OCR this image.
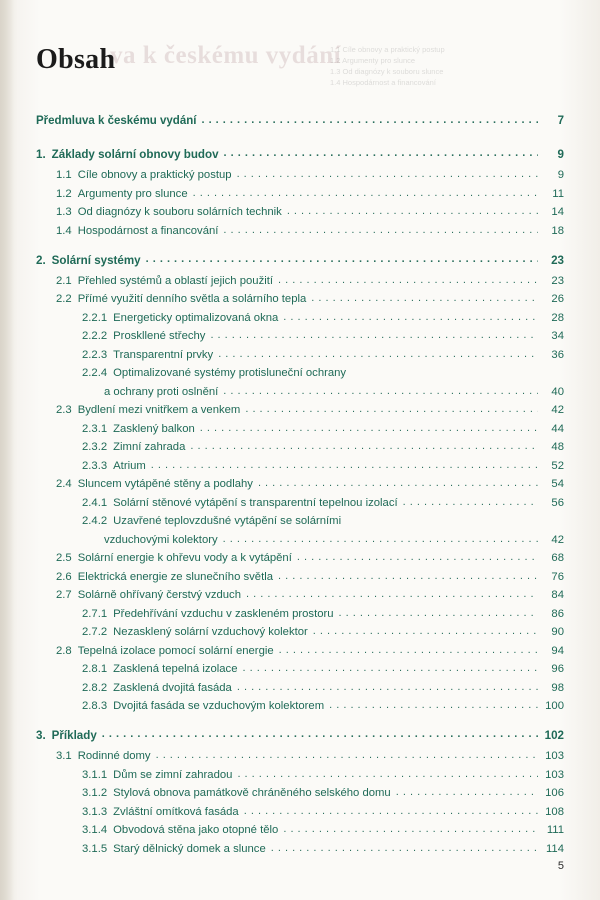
va k českému vydání
1.1 Cíle obnovy a praktický postup
1.2 Argumenty pro slunce
1.3 Od diagnózy k souboru slunce
1.4 Hospodárnost a financování
Obsah
Předmluva k českému vydání . . .	7
1. Základy solární obnovy budov . . .	9
1.1 Cíle obnovy a praktický postup . . .	9
1.2 Argumenty pro slunce . . .	11
1.3 Od diagnózy k souboru solárních technik . . .	14
1.4 Hospodárnost a financování . . .	18
2. Solární systémy . . .	23
2.1 Přehled systémů a oblastí jejich použití . . .	23
2.2 Přímé využití denního světla a solárního tepla . . .	26
2.2.1 Energeticky optimalizovaná okna . . .	28
2.2.2 Proskllené střechy . . .	34
2.2.3 Transparentní prvky . . .	36
2.2.4 Optimalizované systémy protisluneční ochrany
a ochrany proti oslnění . . .	40
2.3 Bydlení mezi vnitřkem a venkem . . .	42
2.3.1 Zasklený balkon . . .	44
2.3.2 Zimní zahrada . . .	48
2.3.3 Atrium . . .	52
2.4 Sluncem vytápěné stěny a podlahy . . .	54
2.4.1 Solární stěnové vytápění s transparentní tepelnou izolací . . .	56
2.4.2 Uzavřené teplovzdušné vytápění se solárními
vzduchovými kolektory . . .	42
2.5 Solární energie k ohřevu vody a k vytápění . . .	68
2.6 Elektrická energie ze slunečního světla . . .	76
2.7 Solárně ohřívaný čerstvý vzduch . . .	84
2.7.1 Předehřívání vzduchu v zaskleném prostoru . . .	86
2.7.2 Nezasklený solární vzduchový kolektor . . .	90
2.8 Tepelná izolace pomocí solární energie . . .	94
2.8.1 Zasklená tepelná izolace . . .	96
2.8.2 Zasklená dvojitá fasáda . . .	98
2.8.3 Dvojitá fasáda se vzduchovým kolektorem . . .	100
3. Příklady . . .	102
3.1 Rodinné domy . . .	103
3.1.1 Dům se zimní zahradou . . .	103
3.1.2 Stylová obnova památkově chráněného selského domu . . .	106
3.1.3 Zvláštní omítková fasáda . . .	108
3.1.4 Obvodová stěna jako otopné tělo . . .	111
3.1.5 Starý dělnický domek a slunce . . .	114
5
